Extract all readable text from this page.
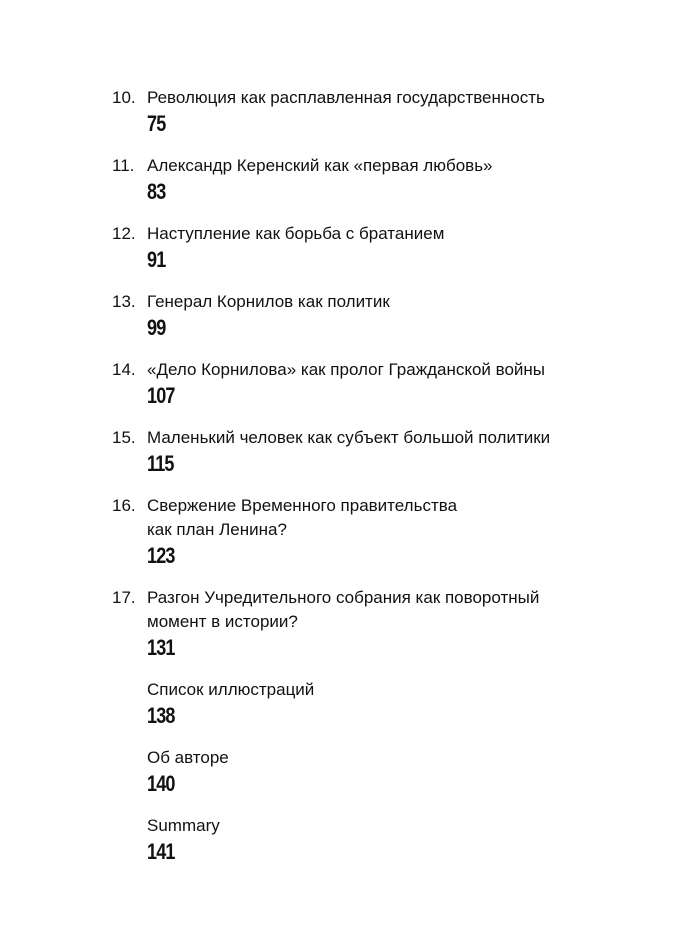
10. Революция как расплавленная государственность

75
11. Александр Керенский как «первая любовь»

83
12. Наступление как борьба с братанием

91
13. Генерал Корнилов как политик

99
14. «Дело Корнилова» как пролог Гражданской войны

107
15. Маленький человек как субъект большой политики

115
16. Свержение Временного правительства
как план Ленина?

123
17. Разгон Учредительного собрания как поворотный
момент в истории?

131

Список иллюстраций

138

Об авторе

140

Summary

141
